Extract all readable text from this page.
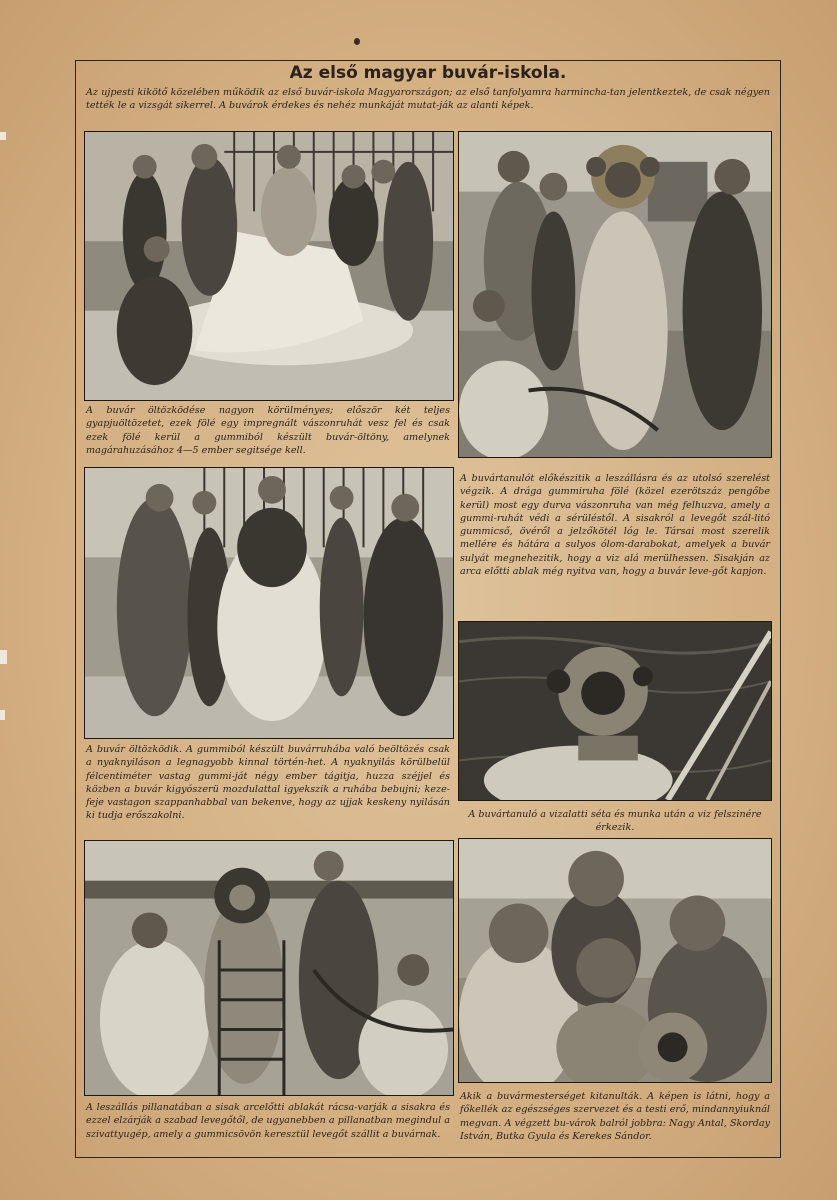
Az első magyar buvár-iskola.
Az ujpesti kikötő közelében működik az első buvár-iskola Magyarországon; az első tanfolyamra harmincha-tan jelentkeztek, de csak négyen tették le a vizsgát sikerrel. A buvárok érdekes és nehéz munkáját mutat-ják az alanti képek.
A buvár öltözködése nagyon körülményes; először két teljes gyapjuöltözetet, ezek fölé egy impregnált vászonruhát vesz fel és csak ezek fölé kerül a gummiból készült buvár-öltöny, amelynek magárahuzásához 4—5 ember segitsége kell.
A buvártanulót előkészitik a leszállásra és az utolsó szerelést végzik. A drága gummiruha fölé (közel ezerötszáz pengőbe kerül) most egy durva vászonruha van még felhuzva, amely a gummi-ruhát védi a sérüléstől. A sisakról a levegőt szál-litó gummicső, övéről a jelzőkötél lóg le. Társai most szerelik mellére és hátára a sulyos ólom-darabokat, amelyek a buvár sulyát megnehezitik, hogy a viz alá merülhessen. Sisakján az arca előtti ablak még nyitva van, hogy a buvár leve-gőt kapjon.
A buvár öltözködik. A gummiból készült buvárruhába való beöltözés csak a nyaknyiláson a legnagyobb kinnal történ-het. A nyaknyilás körülbelül félcentiméter vastag gummi-ját négy ember tágitja, huzza széjjel és közben a buvár kigyószerü mozdulattal igyekszik a ruhába bebujni; keze-feje vastagon szappanhabbal van bekenve, hogy az ujjak keskeny nyilásán ki tudja erőszakolni.	A buvártanuló a vizalatti séta és munka után a viz felszinére érkezik.
A leszállás pillanatában a sisak arcelőtti ablakát rácsa-varják a sisakra és ezzel elzárják a szabad levegőtől, de ugyanebben a pillanatban megindul a szivattyugép, amely a gummicsövön keresztül levegőt szállit a buvárnak.
Akik a buvármesterséget kitanulták. A képen is látni, hogy a főkellék az egészséges szervezet és a testi erő, mindannyiuknál megvan. A végzett bu-várok balról jobbra: Nagy Antal, Skorday István, Butka Gyula és Kerekes Sándor.
